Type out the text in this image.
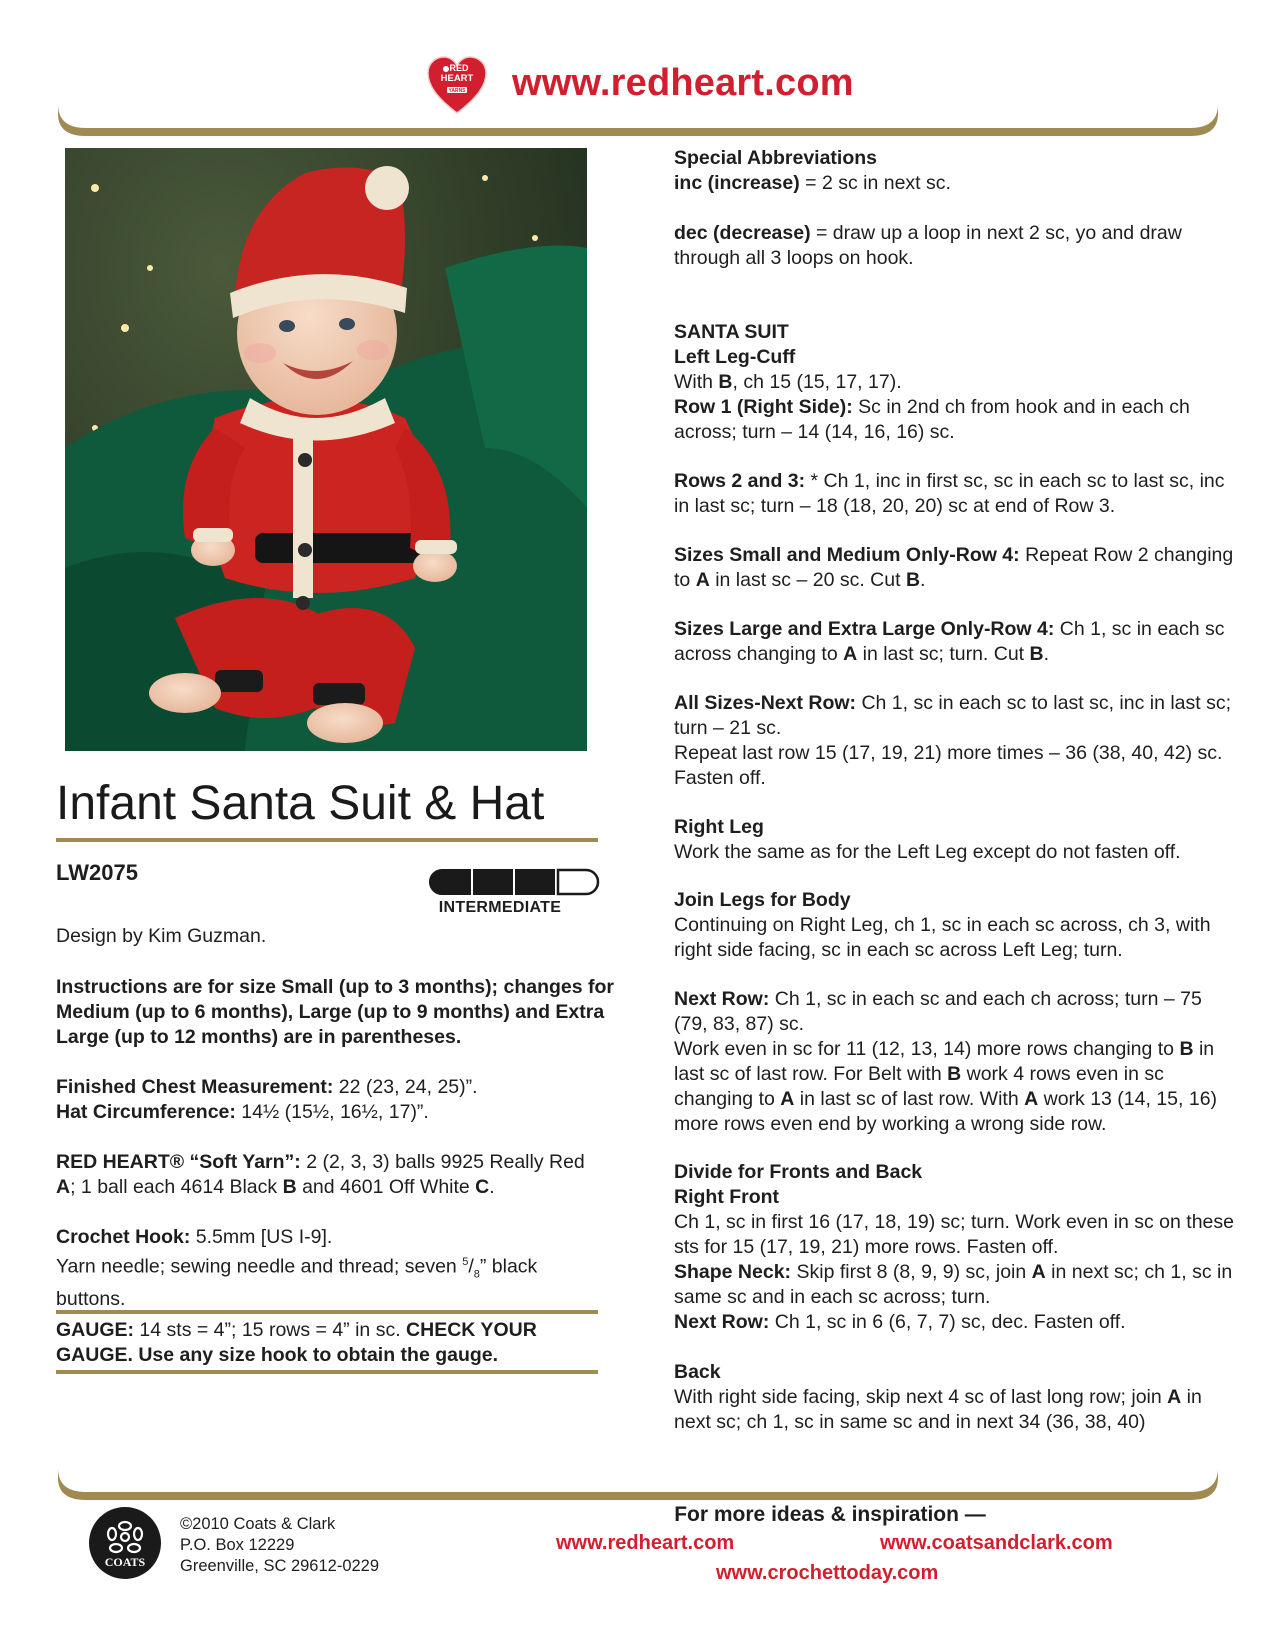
RED
HEART
YARNS www.redheart.com
Infant Santa Suit & Hat
LW2075
INTERMEDIATE

Design by Kim Guzman.

Instructions are for size Small (up to 3 months); changes for Medium (up to 6 months), Large (up to 9 months) and Extra Large (up to 12 months) are in parentheses.

Finished Chest Measurement: 22 (23, 24, 25)”.
Hat Circumference: 14½ (15½, 16½, 17)”.

RED HEART® “Soft Yarn”: 2 (2, 3, 3) balls 9925 Really Red A; 1 ball each 4614 Black B and 4601 Off White C.

Crochet Hook: 5.5mm [US I-9].
Yarn needle; sewing needle and thread; seven $^5/_8$” black buttons.

GAUGE: 14 sts = 4”; 15 rows = 4” in sc. CHECK YOUR GAUGE. Use any size hook to obtain the gauge.

Special Abbreviations
inc (increase) = 2 sc in next sc.

dec (decrease) = draw up a loop in next 2 sc, yo and draw through all 3 loops on hook.

SANTA SUIT
Left Leg-Cuff
With B, ch 15 (15, 17, 17).
Row 1 (Right Side): Sc in 2nd ch from hook and in each ch across; turn – 14 (14, 16, 16) sc.

Rows 2 and 3: * Ch 1, inc in first sc, sc in each sc to last sc, inc in last sc; turn – 18 (18, 20, 20) sc at end of Row 3.

Sizes Small and Medium Only-Row 4: Repeat Row 2 changing to A in last sc – 20 sc. Cut B.

Sizes Large and Extra Large Only-Row 4: Ch 1, sc in each sc across changing to A in last sc; turn. Cut B.

All Sizes-Next Row: Ch 1, sc in each sc to last sc, inc in last sc; turn – 21 sc.
Repeat last row 15 (17, 19, 21) more times – 36 (38, 40, 42) sc. Fasten off.

Right Leg
Work the same as for the Left Leg except do not fasten off.

Join Legs for Body
Continuing on Right Leg, ch 1, sc in each sc across, ch 3, with right side facing, sc in each sc across Left Leg; turn.

Next Row: Ch 1, sc in each sc and each ch across; turn – 75 (79, 83, 87) sc.
Work even in sc for 11 (12, 13, 14) more rows changing to B in last sc of last row. For Belt with B work 4 rows even in sc changing to A in last sc of last row. With A work 13 (14, 15, 16) more rows even end by working a wrong side row.

Divide for Fronts and Back
Right Front
Ch 1, sc in first 16 (17, 18, 19) sc; turn. Work even in sc on these sts for 15 (17, 19, 21) more rows. Fasten off.
Shape Neck: Skip first 8 (8, 9, 9) sc, join A in next sc; ch 1, sc in same sc and in each sc across; turn.
Next Row: Ch 1, sc in 6 (6, 7, 7) sc, dec. Fasten off.

Back
With right side facing, skip next 4 sc of last long row; join A in next sc; ch 1, sc in same sc and in next 34 (36, 38, 40)

COATS
©2010 Coats & Clark
P.O. Box 12229
Greenville, SC 29612-0229
For more ideas & inspiration —
www.redheart.com	www.coatsandclark.com
www.crochettoday.com
